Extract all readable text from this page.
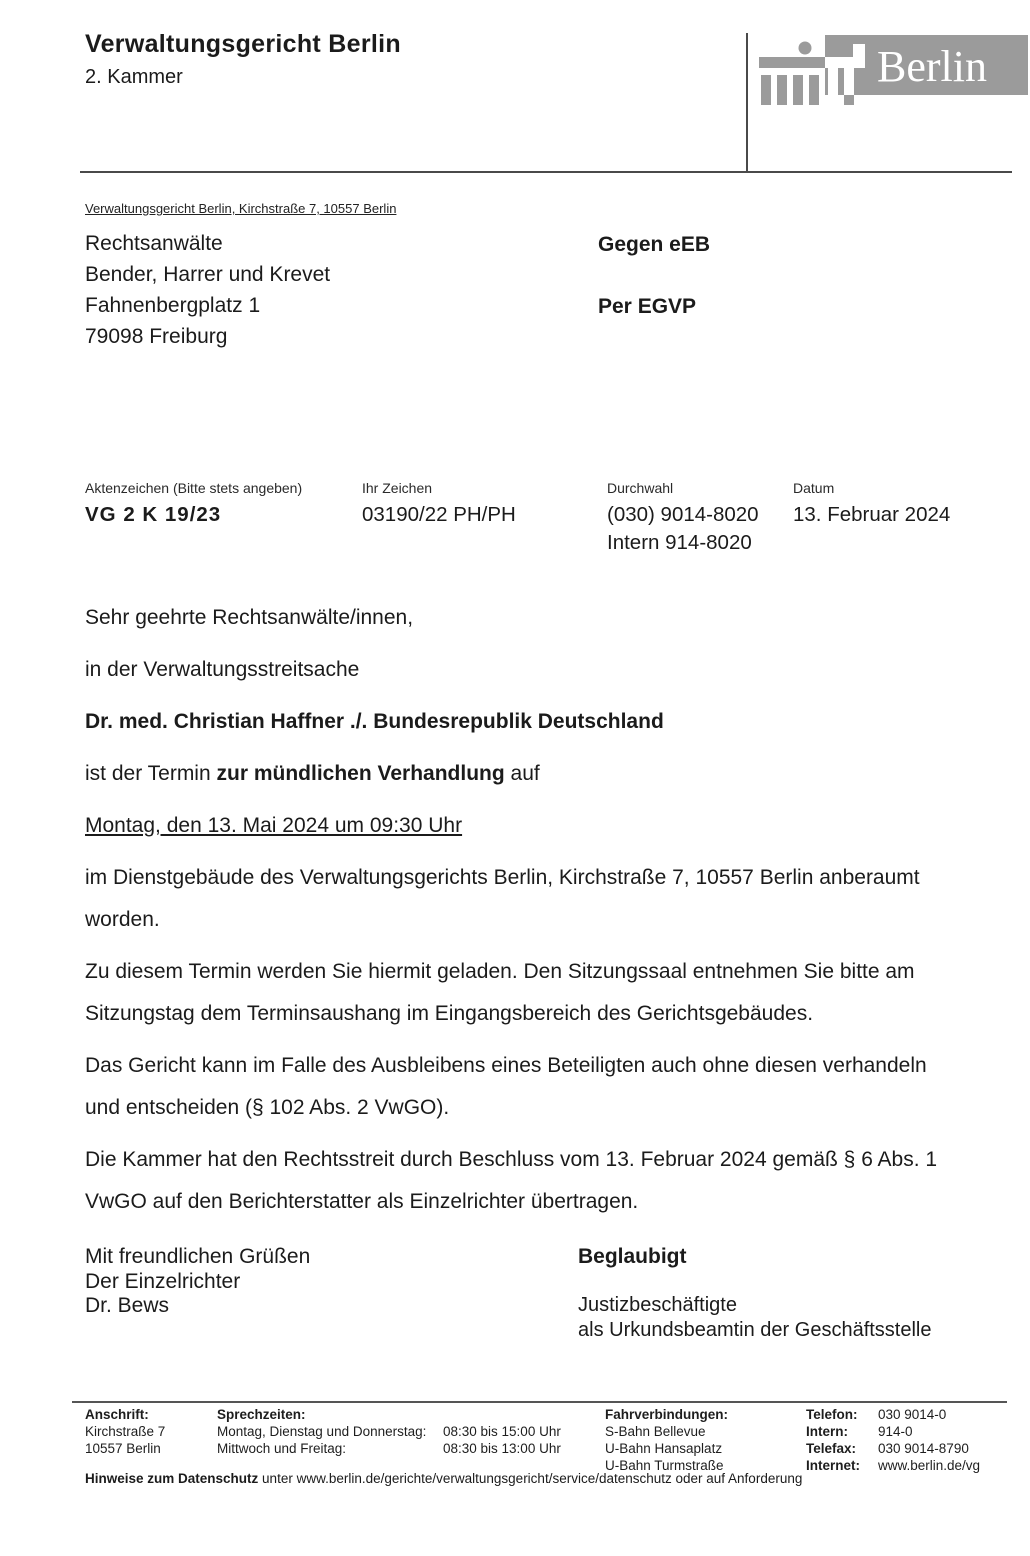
Verwaltungsgericht Berlin
2. Kammer	Berlin
Verwaltungsgericht Berlin, Kirchstraße 7, 10557 Berlin
Rechtsanwälte
Bender, Harrer und Krevet
Fahnenbergplatz 1
79098 Freiburg
Gegen eEB
Per EGVP
Aktenzeichen (Bitte stets angeben)
VG 2 K 19/23
Ihr Zeichen
03190/22 PH/PH
Durchwahl
(030) 9014-8020
Intern 914-8020
Datum
13. Februar 2024

Sehr geehrte Rechtsanwälte/innen,

in der Verwaltungsstreitsache

Dr. med. Christian Haffner ./. Bundesrepublik Deutschland

ist der Termin zur mündlichen Verhandlung auf

Montag, den 13. Mai 2024 um 09:30 Uhr

im Dienstgebäude des Verwaltungsgerichts Berlin, Kirchstraße 7, 10557 Berlin anberaumt
worden.

Zu diesem Termin werden Sie hiermit geladen. Den Sitzungssaal entnehmen Sie bitte am
Sitzungstag dem Terminsaushang im Eingangsbereich des Gerichtsgebäudes.

Das Gericht kann im Falle des Ausbleibens eines Beteiligten auch ohne diesen verhandeln
und entscheiden (§ 102 Abs. 2 VwGO).

Die Kammer hat den Rechtsstreit durch Beschluss vom 13. Februar 2024 gemäß § 6 Abs. 1
VwGO auf den Berichterstatter als Einzelrichter übertragen.

Mit freundlichen Grüßen
Der Einzelrichter
Dr. Bews
Beglaubigt
Justizbeschäftigte
als Urkundsbeamtin der Geschäftsstelle
Anschrift:
Kirchstraße 7
10557 Berlin
Sprechzeiten:
Montag, Dienstag und Donnerstag:
Mittwoch und Freitag:

08:30 bis 15:00 Uhr
08:30 bis 13:00 Uhr
Fahrverbindungen:
S-Bahn Bellevue
U-Bahn Hansaplatz
U-Bahn Turmstraße
Telefon:
Intern:
Telefax:
Internet:
030 9014-0
914-0
030 9014-8790
www.berlin.de/vg
Hinweise zum Datenschutz unter www.berlin.de/gerichte/verwaltungsgericht/service/datenschutz oder auf Anforderung
